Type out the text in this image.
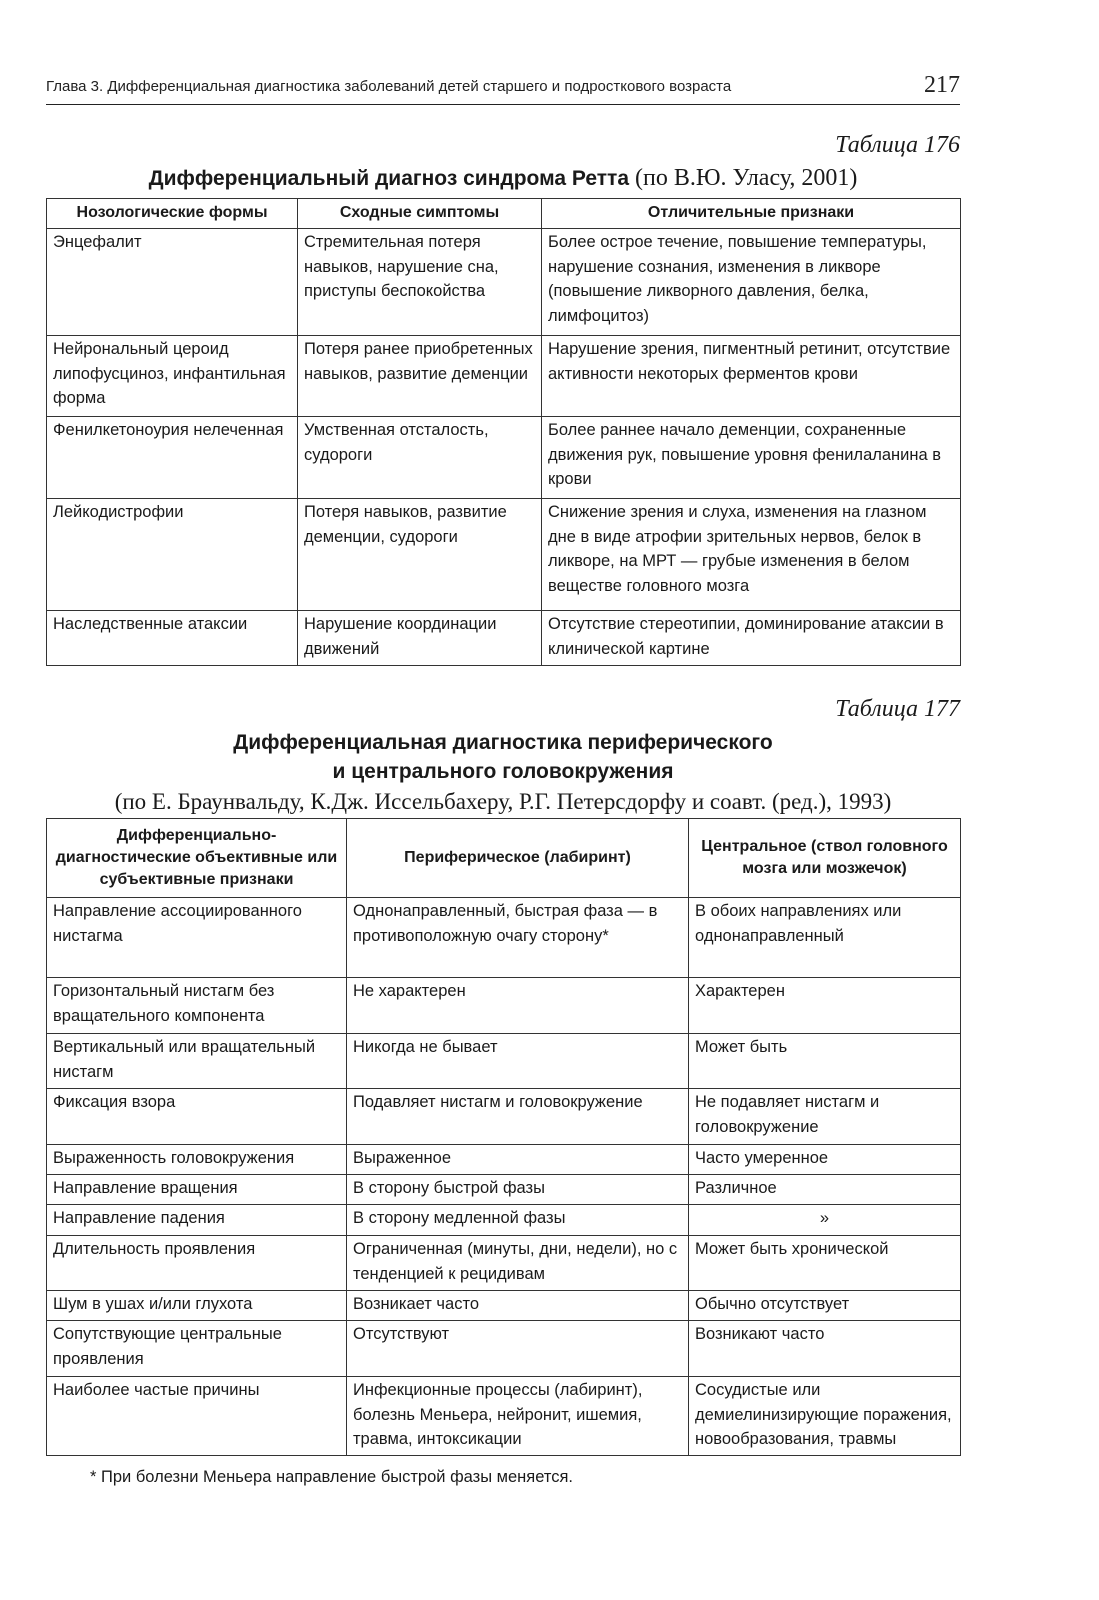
Глава 3. Дифференциальная диагностика заболеваний детей старшего и подросткового возраста	217
Таблица 176
Дифференциальный диагноз синдрома Ретта (по В.Ю. Уласу, 2001)
Нозологические формы	Сходные симптомы	Отличительные признаки
Энцефалит	Стремительная потеря навыков, нарушение сна, приступы беспокойства	Более острое течение, повышение температуры, нарушение сознания, изменения в ликворе (повышение ликворного давления, белка, лимфоцитоз)
Нейрональный цероид липофусциноз, инфантильная форма	Потеря ранее приобретенных навыков, развитие деменции	Нарушение зрения, пигментный ретинит, отсутствие активности некоторых ферментов крови
Фенилкетоноурия нелеченная	Умственная отсталость, судороги	Более раннее начало деменции, сохраненные движения рук, повышение уровня фенилаланина в крови
Лейкодистрофии	Потеря навыков, развитие деменции, судороги	Снижение зрения и слуха, изменения на глазном дне в виде атрофии зрительных нервов, белок в ликворе, на МРТ — грубые изменения в белом веществе головного мозга
Наследственные атаксии	Нарушение координации движений	Отсутствие стереотипии, доминирование атаксии в клинической картине
Таблица 177
Дифференциальная диагностика периферического
и центрального головокружения
(по Е. Браунвальду, К.Дж. Иссельбахеру, Р.Г. Петерсдорфу и соавт. (ред.), 1993)
Дифференциально-диагностические объективные или субъективные признаки	Периферическое (лабиринт)	Центральное (ствол головного мозга или мозжечок)
Направление ассоциированного нистагма	Однонаправленный, быстрая фаза — в противоположную очагу сторону*	В обоих направлениях или однонаправленный
Горизонтальный нистагм без вращательного компонента	Не характерен	Характерен
Вертикальный или вращательный нистагм	Никогда не бывает	Может быть
Фиксация взора	Подавляет нистагм и головокружение	Не подавляет нистагм и головокружение
Выраженность головокружения	Выраженное	Часто умеренное
Направление вращения	В сторону быстрой фазы	Различное
Направление падения	В сторону медленной фазы	»
Длительность проявления	Ограниченная (минуты, дни, недели), но с тенденцией к рецидивам	Может быть хронической
Шум в ушах и/или глухота	Возникает часто	Обычно отсутствует
Сопутствующие центральные проявления	Отсутствуют	Возникают часто
Наиболее частые причины	Инфекционные процессы (лабиринт), болезнь Меньера, нейронит, ишемия, травма, интоксикации	Сосудистые или демиелинизирующие поражения, новообразования, травмы
* При болезни Меньера направление быстрой фазы меняется.
